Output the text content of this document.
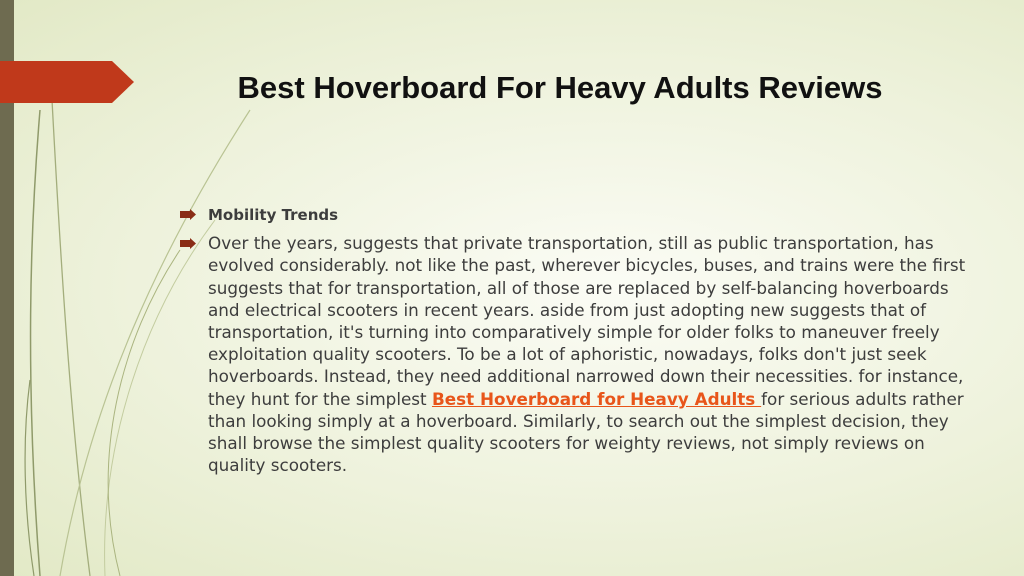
Best Hoverboard For Heavy Adults Reviews
Mobility Trends
Over the years, suggests that private transportation, still as public transportation, has evolved considerably. not like the past, wherever bicycles, buses, and trains were the first suggests that for transportation, all of those are replaced by self-balancing hoverboards and electrical scooters in recent years. aside from just adopting new suggests that of transportation, it's turning into comparatively simple for older folks to maneuver freely exploitation quality scooters. To be a lot of aphoristic, nowadays, folks don't just seek hoverboards. Instead, they need additional narrowed down their necessities. for instance, they hunt for the simplest Best Hoverboard for Heavy Adults for serious adults rather than looking simply at a hoverboard. Similarly, to search out the simplest decision, they shall browse the simplest quality scooters for weighty reviews, not simply reviews on quality scooters.
